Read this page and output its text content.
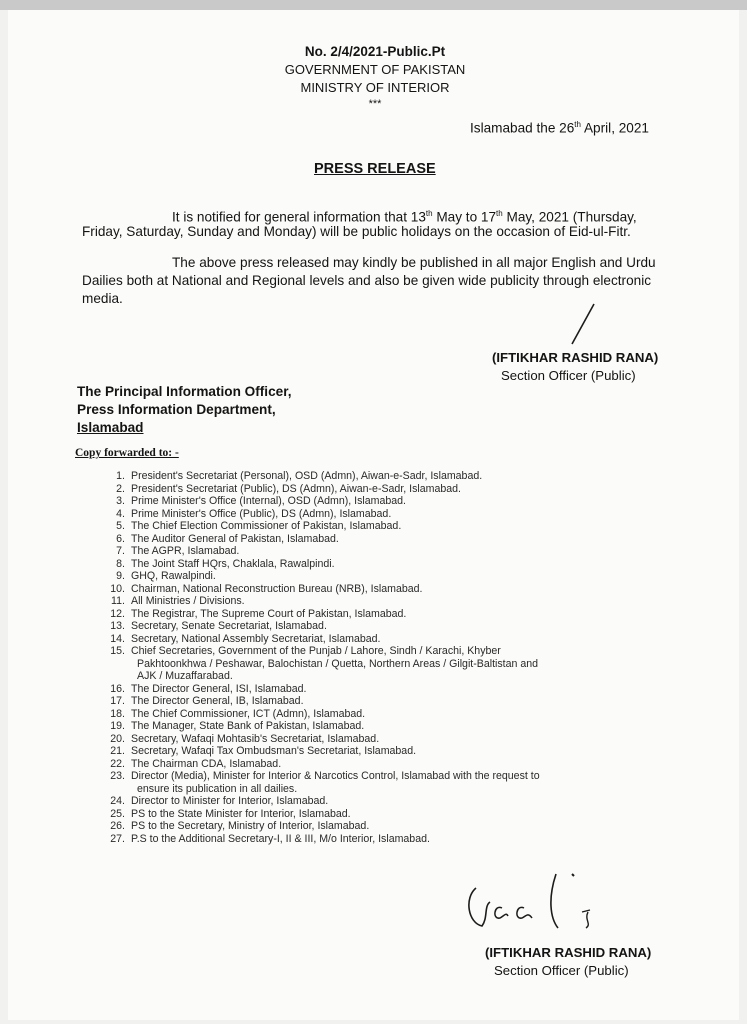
No. 2/4/2021-Public.Pt
GOVERNMENT OF PAKISTAN
MINISTRY OF INTERIOR
***
Islamabad the 26th April, 2021
PRESS RELEASE
It is notified for general information that 13th May to 17th May, 2021 (Thursday,
Friday, Saturday, Sunday and Monday) will be public holidays on the occasion of Eid-ul-Fitr.
The above press released may kindly be published in all major English and Urdu
Dailies both at National and Regional levels and also be given wide publicity through electronic
media.
(IFTIKHAR RASHID RANA)
Section Officer (Public)
The Principal Information Officer,
Press Information Department,
Islamabad
Copy forwarded to: -
1. President's Secretariat (Personal), OSD (Admn), Aiwan-e-Sadr, Islamabad.
2. President's Secretariat (Public), DS (Admn), Aiwan-e-Sadr, Islamabad.
3. Prime Minister's Office (Internal), OSD (Admn), Islamabad.
4. Prime Minister's Office (Public), DS (Admn), Islamabad.
5. The Chief Election Commissioner of Pakistan, Islamabad.
6. The Auditor General of Pakistan, Islamabad.
7. The AGPR, Islamabad.
8. The Joint Staff HQrs, Chaklala, Rawalpindi.
9. GHQ, Rawalpindi.
10. Chairman, National Reconstruction Bureau (NRB), Islamabad.
11. All Ministries / Divisions.
12. The Registrar, The Supreme Court of Pakistan, Islamabad.
13. Secretary, Senate Secretariat, Islamabad.
14. Secretary, National Assembly Secretariat, Islamabad.
15. Chief Secretaries, Government of the Punjab / Lahore, Sindh / Karachi, Khyber
Pakhtoonkhwa / Peshawar, Balochistan / Quetta, Northern Areas / Gilgit-Baltistan and
AJK / Muzaffarabad.
16. The Director General, ISI, Islamabad.
17. The Director General, IB, Islamabad.
18. The Chief Commissioner, ICT (Admn), Islamabad.
19. The Manager, State Bank of Pakistan, Islamabad.
20. Secretary, Wafaqi Mohtasib's Secretariat, Islamabad.
21. Secretary, Wafaqi Tax Ombudsman's Secretariat, Islamabad.
22. The Chairman CDA, Islamabad.
23. Director (Media), Minister for Interior & Narcotics Control, Islamabad with the request to
ensure its publication in all dailies.
24. Director to Minister for Interior, Islamabad.
25. PS to the State Minister for Interior, Islamabad.
26. PS to the Secretary, Ministry of Interior, Islamabad.
27. P.S to the Additional Secretary-I, II & III, M/o Interior, Islamabad.
(IFTIKHAR RASHID RANA)
Section Officer (Public)
